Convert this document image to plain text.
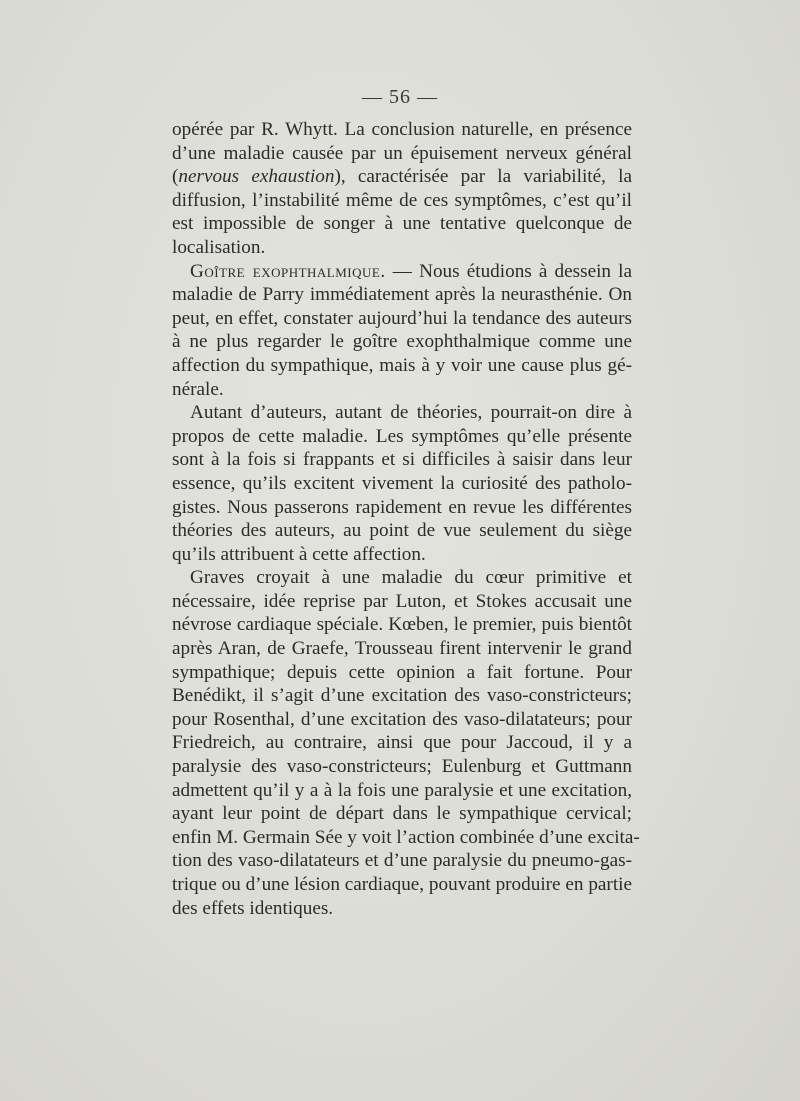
— 56 —
opérée par R. Whytt. La conclusion naturelle, en présence
d’une maladie causée par un épuisement nerveux général
(nervous exhaustion), caractérisée par la variabilité, la
diffusion, l’instabilité même de ces symptômes, c’est qu’il
est impossible de songer à une tentative quelconque de
localisation.
Goître exophthalmique. — Nous étudions à dessein la
maladie de Parry immédiatement après la neurasthénie. On
peut, en effet, constater aujourd’hui la tendance des auteurs
à ne plus regarder le goître exophthalmique comme une
affection du sympathique, mais à y voir une cause plus gé-
nérale.
Autant d’auteurs, autant de théories, pourrait-on dire à
propos de cette maladie. Les symptômes qu’elle présente
sont à la fois si frappants et si difficiles à saisir dans leur
essence, qu’ils excitent vivement la curiosité des patholo-
gistes. Nous passerons rapidement en revue les différentes
théories des auteurs, au point de vue seulement du siège
qu’ils attribuent à cette affection.
Graves croyait à une maladie du cœur primitive et
nécessaire, idée reprise par Luton, et Stokes accusait une
névrose cardiaque spéciale. Kœben, le premier, puis bientôt
après Aran, de Graefe, Trousseau firent intervenir le grand
sympathique; depuis cette opinion a fait fortune. Pour
Benédikt, il s’agit d’une excitation des vaso-constricteurs;
pour Rosenthal, d’une excitation des vaso-dilatateurs; pour
Friedreich, au contraire, ainsi que pour Jaccoud, il y a
paralysie des vaso-constricteurs; Eulenburg et Guttmann
admettent qu’il y a à la fois une paralysie et une excitation,
ayant leur point de départ dans le sympathique cervical;
enfin M. Germain Sée y voit l’action combinée d’une excita-
tion des vaso-dilatateurs et d’une paralysie du pneumo-gas-
trique ou d’une lésion cardiaque, pouvant produire en partie
des effets identiques.
